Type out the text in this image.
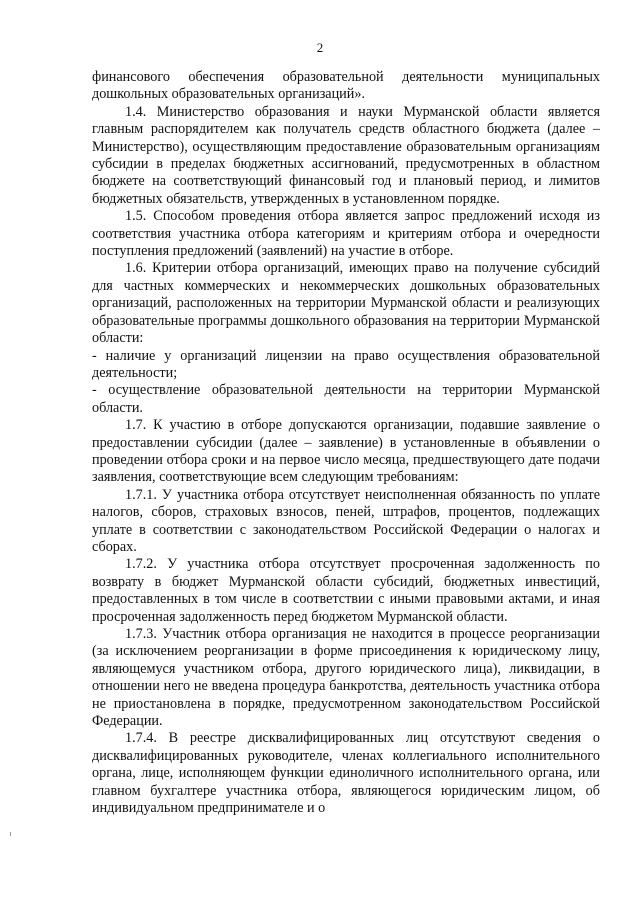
2

финансового обеспечения образовательной деятельности муниципальных дошкольных образовательных организаций».

1.4. Министерство образования и науки Мурманской области является главным распорядителем как получатель средств областного бюджета (далее – Министерство), осуществляющим предоставление образовательным организациям субсидии в пределах бюджетных ассигнований, предусмотренных в областном бюджете на соответствующий финансовый год и плановый период, и лимитов бюджетных обязательств, утвержденных в установленном порядке.

1.5. Способом проведения отбора является запрос предложений исходя из соответствия участника отбора категориям и критериям отбора и очередности поступления предложений (заявлений) на участие в отборе.

1.6. Критерии отбора организаций, имеющих право на получение субсидий для частных коммерческих и некоммерческих дошкольных образовательных организаций, расположенных на территории Мурманской области и реализующих образовательные программы дошкольного образования на территории Мурманской области:

- наличие у организаций лицензии на право осуществления образовательной деятельности;

- осуществление образовательной деятельности на территории Мурманской области.

1.7. К участию в отборе допускаются организации, подавшие заявление о предоставлении субсидии (далее – заявление) в установленные в объявлении о проведении отбора сроки и на первое число месяца, предшествующего дате подачи заявления, соответствующие всем следующим требованиям:

1.7.1. У участника отбора отсутствует неисполненная обязанность по уплате налогов, сборов, страховых взносов, пеней, штрафов, процентов, подлежащих уплате в соответствии с законодательством Российской Федерации о налогах и сборах.

1.7.2. У участника отбора отсутствует просроченная задолженность по возврату в бюджет Мурманской области субсидий, бюджетных инвестиций, предоставленных в том числе в соответствии с иными правовыми актами, и иная просроченная задолженность перед бюджетом Мурманской области.

1.7.3. Участник отбора организация не находится в процессе реорганизации (за исключением реорганизации в форме присоединения к юридическому лицу, являющемуся участником отбора, другого юридического лица), ликвидации, в отношении него не введена процедура банкротства, деятельность участника отбора не приостановлена в порядке, предусмотренном законодательством Российской Федерации.

1.7.4. В реестре дисквалифицированных лиц отсутствуют сведения о дисквалифицированных руководителе, членах коллегиального исполнительного органа, лице, исполняющем функции единоличного исполнительного органа, или главном бухгалтере участника отбора, являющегося юридическим лицом, об индивидуальном предпринимателе и о
